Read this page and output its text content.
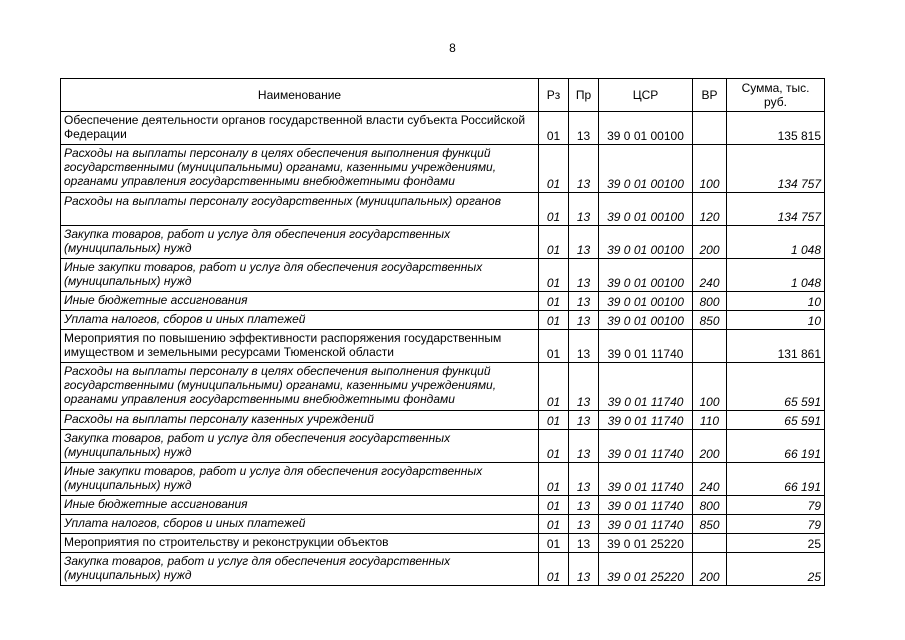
8
Наименование	Рз	Пр	ЦСР	ВР	Сумма, тыс. руб.
Обеспечение деятельности органов государственной власти субъекта Российской Федерации	01	13	39 0 01 00100		135 815
Расходы на выплаты персоналу в целях обеспечения выполнения функций государственными (муниципальными) органами, казенными учреждениями, органами управления государственными внебюджетными фондами	01	13	39 0 01 00100	100	134 757
Расходы на выплаты персоналу государственных (муниципальных) органов	01	13	39 0 01 00100	120	134 757
Закупка товаров, работ и услуг для обеспечения государственных (муниципальных) нужд	01	13	39 0 01 00100	200	1 048
Иные закупки товаров, работ и услуг для обеспечения государственных (муниципальных) нужд	01	13	39 0 01 00100	240	1 048
Иные бюджетные ассигнования	01	13	39 0 01 00100	800	10
Уплата налогов, сборов и иных платежей	01	13	39 0 01 00100	850	10
Мероприятия по повышению эффективности распоряжения государственным имуществом и земельными ресурсами Тюменской области	01	13	39 0 01 11740		131 861
Расходы на выплаты персоналу в целях обеспечения выполнения функций государственными (муниципальными) органами, казенными учреждениями, органами управления государственными внебюджетными фондами	01	13	39 0 01 11740	100	65 591
Расходы на выплаты персоналу казенных учреждений	01	13	39 0 01 11740	110	65 591
Закупка товаров, работ и услуг для обеспечения государственных (муниципальных) нужд	01	13	39 0 01 11740	200	66 191
Иные закупки товаров, работ и услуг для обеспечения государственных (муниципальных) нужд	01	13	39 0 01 11740	240	66 191
Иные бюджетные ассигнования	01	13	39 0 01 11740	800	79
Уплата налогов, сборов и иных платежей	01	13	39 0 01 11740	850	79
Мероприятия по строительству и реконструкции объектов	01	13	39 0 01 25220		25
Закупка товаров, работ и услуг для обеспечения государственных (муниципальных) нужд	01	13	39 0 01 25220	200	25
